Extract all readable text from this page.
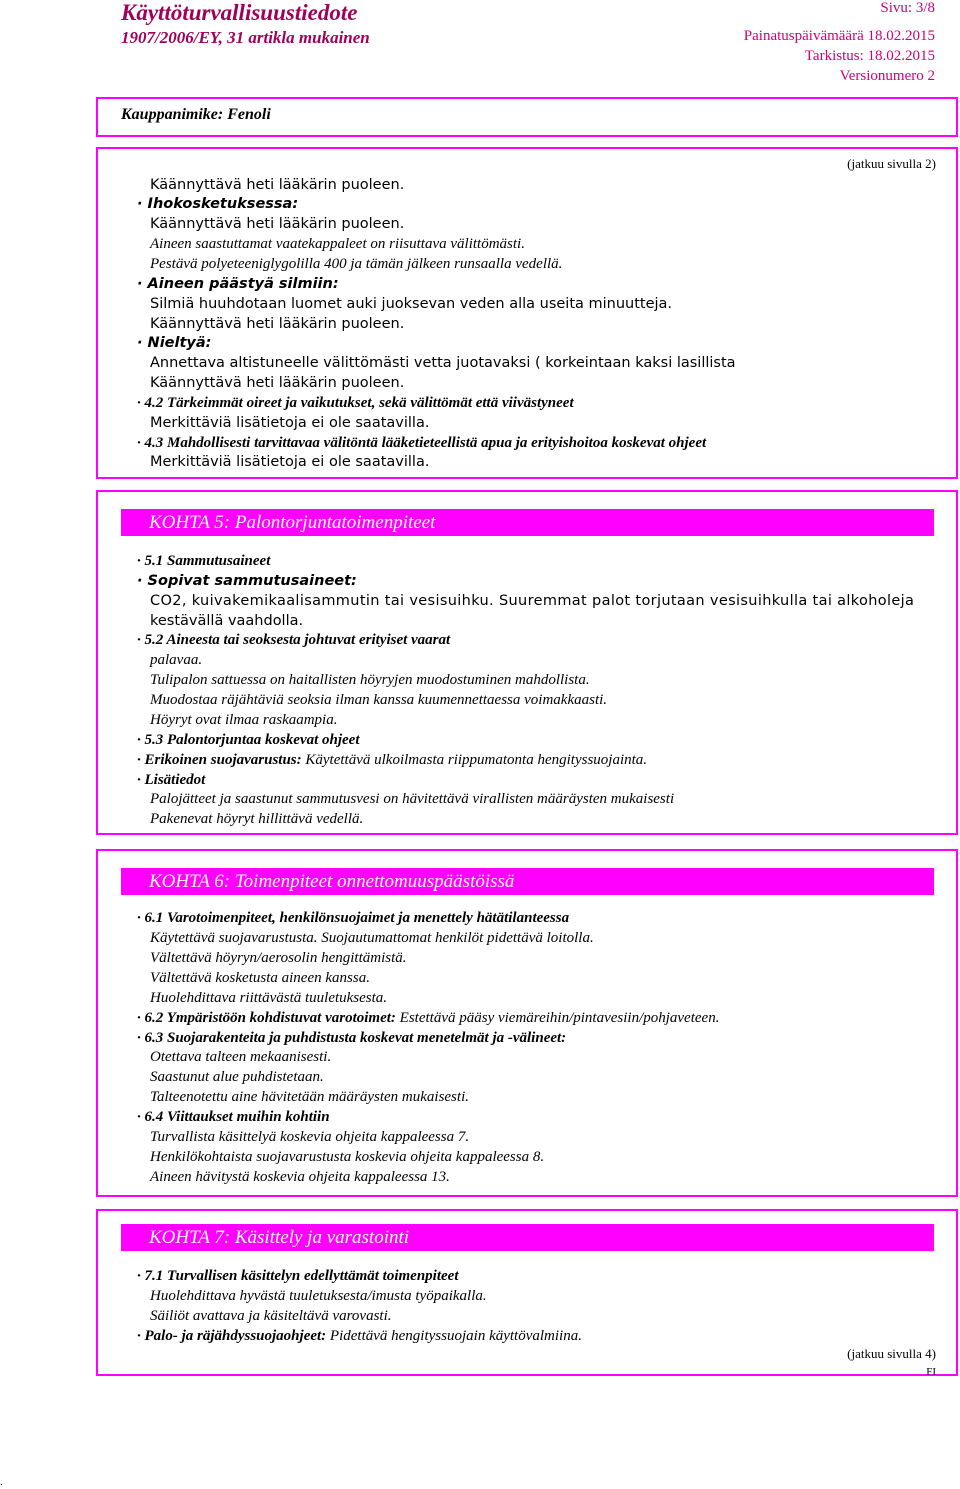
Käyttöturvallisuustiedote
1907/2006/EY, 31 artikla mukainen
Sivu: 3/8
Painatuspäivämäärä 18.02.2015
Tarkistus: 18.02.2015
Versionumero 2
Kauppanimike: Fenoli
(jatkuu sivulla 2)
Käännyttävä heti lääkärin puoleen.
· Ihokosketuksessa:
Käännyttävä heti lääkärin puoleen.
Aineen saastuttamat vaatekappaleet on riisuttava välittömästi.
Pestävä polyeteeniglygolilla 400 ja tämän jälkeen runsaalla vedellä.
· Aineen päästyä silmiin:
Silmiä huuhdotaan luomet auki juoksevan veden alla useita minuutteja.
Käännyttävä heti lääkärin puoleen.
· Nieltyä:
Annettava altistuneelle välittömästi vetta juotavaksi ( korkeintaan kaksi lasillista
Käännyttävä heti lääkärin puoleen.
· 4.2 Tärkeimmät oireet ja vaikutukset, sekä välittömät että viivästyneet
Merkittäviä lisätietoja ei ole saatavilla.
· 4.3 Mahdollisesti tarvittavaa välitöntä lääketieteellistä apua ja erityishoitoa koskevat ohjeet
Merkittäviä lisätietoja ei ole saatavilla.
KOHTA 5: Palontorjuntatoimenpiteet
· 5.1 Sammutusaineet
· Sopivat sammutusaineet:
CO2, kuivakemikaalisammutin tai vesisuihku. Suuremmat palot torjutaan vesisuihkulla tai alkoholeja
kestävällä vaahdolla.
· 5.2 Aineesta tai seoksesta johtuvat erityiset vaarat
palavaa.
Tulipalon sattuessa on haitallisten höyryjen muodostuminen mahdollista.
Muodostaa räjähtäviä seoksia ilman kanssa kuumennettaessa voimakkaasti.
Höyryt ovat ilmaa raskaampia.
· 5.3 Palontorjuntaa koskevat ohjeet
· Erikoinen suojavarustus: Käytettävä ulkoilmasta riippumatonta hengityssuojainta.
· Lisätiedot
Palojätteet ja saastunut sammutusvesi on hävitettävä virallisten määräysten mukaisesti
Pakenevat höyryt hillittävä vedellä.
KOHTA 6: Toimenpiteet onnettomuuspäästöissä
· 6.1 Varotoimenpiteet, henkilönsuojaimet ja menettely hätätilanteessa
Käytettävä suojavarustusta. Suojautumattomat henkilöt pidettävä loitolla.
Vältettävä höyryn/aerosolin hengittämistä.
Vältettävä kosketusta aineen kanssa.
Huolehdittava riittävästä tuuletuksesta.
· 6.2 Ympäristöön kohdistuvat varotoimet: Estettävä pääsy viemäreihin/pintavesiin/pohjaveteen.
· 6.3 Suojarakenteita ja puhdistusta koskevat menetelmät ja -välineet:
Otettava talteen mekaanisesti.
Saastunut alue puhdistetaan.
Talteenotettu aine hävitetään määräysten mukaisesti.
· 6.4 Viittaukset muihin kohtiin
Turvallista käsittelyä koskevia ohjeita kappaleessa 7.
Henkilökohtaista suojavarustusta koskevia ohjeita kappaleessa 8.
Aineen hävitystä koskevia ohjeita kappaleessa 13.
KOHTA 7: Käsittely ja varastointi
· 7.1 Turvallisen käsittelyn edellyttämät toimenpiteet
Huolehdittava hyvästä tuuletuksesta/imusta työpaikalla.
Säiliöt avattava ja käsiteltävä varovasti.
· Palo- ja räjähdyssuojaohjeet: Pidettävä hengityssuojain käyttövalmiina.
(jatkuu sivulla 4)
FI
.
